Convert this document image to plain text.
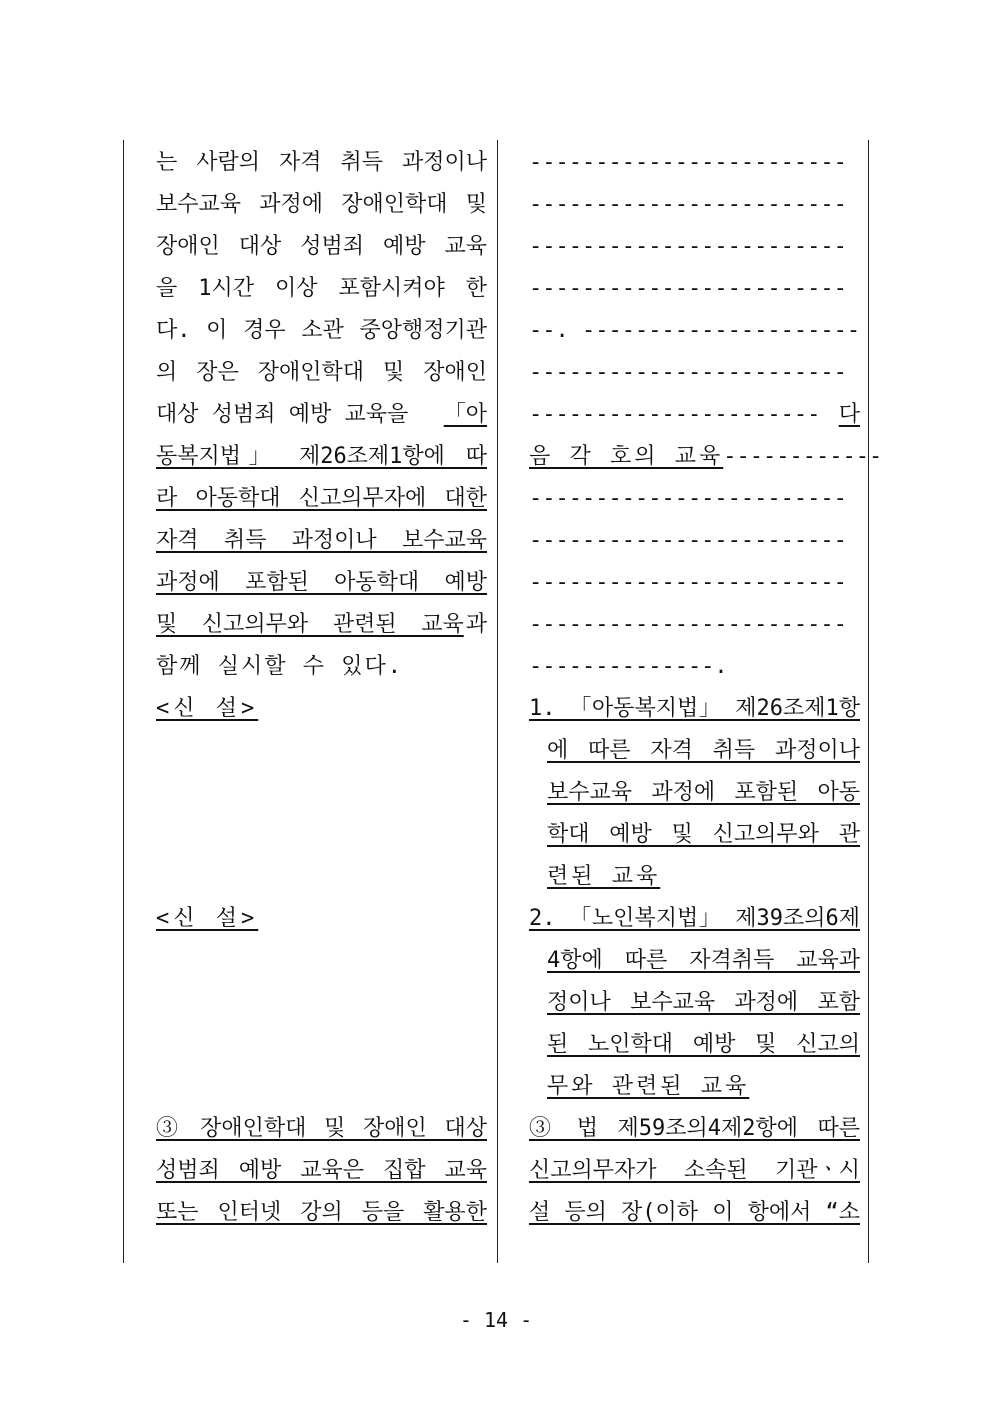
는 사람의 자격 취득 과정이나
보수교육 과정에 장애인학대 및
장애인 대상 성범죄 예방 교육
을 1시간 이상 포함시켜야 한
다. 이 경우 소관 중앙행정기관
의 장은 장애인학대 및 장애인
대상 성범죄 예방 교육을 「아
동복지법」 제26조제1항에 따
라 아동학대 신고의무자에 대한
자격 취득 과정이나 보수교육
과정에 포함된 아동학대 예방
및 신고의무와 관련된 교육 과
함께 실시할 수 있다.
<신 설>
<신 설>
③ 장애인학대 및 장애인 대상
성범죄 예방 교육은 집합 교육
또는 인터넷 강의 등을 활용한
------------------------
------------------------
------------------------
------------------------
--. ---------------------
------------------------
---------------------- 다
음 각 호의 교육 ------------
------------------------
------------------------
------------------------
------------------------
--------------.
1. 「아동복지법」 제26조제1항
에 따른 자격 취득 과정이나
보수교육 과정에 포함된 아동
학대 예방 및 신고의무와 관
련된 교육
2. 「노인복지법」 제39조의6제
4항에 따른 자격취득 교육과
정이나 보수교육 과정에 포함
된 노인학대 예방 및 신고의
무와 관련된 교육
③ 법 제59조의4제2항에 따른
신고의무자가 소속된 기관ㆍ시
설 등의 장(이하 이 항에서 “소
- 14 -
